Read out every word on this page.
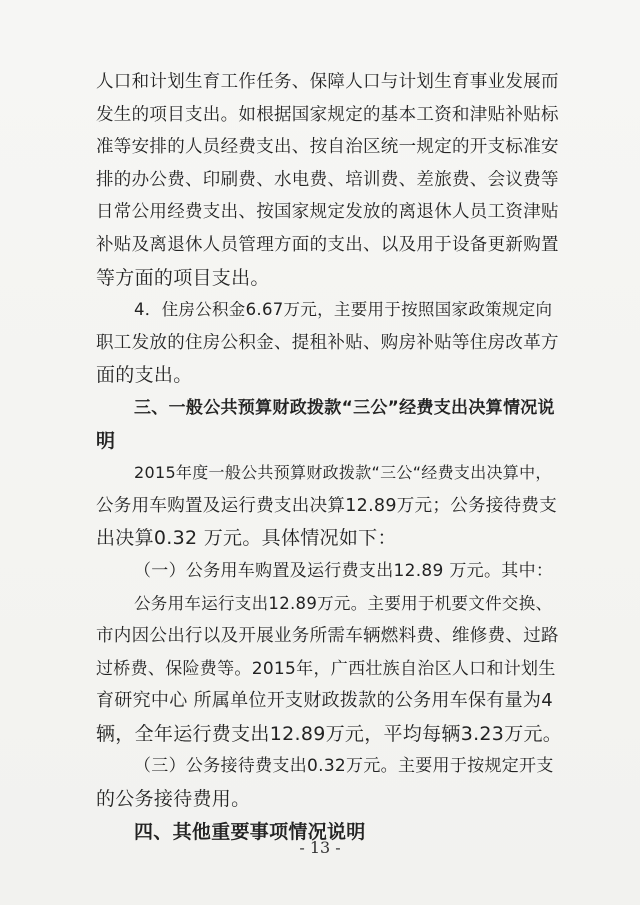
人口和计划生育工作任务、保障人口与计划生育事业发展而
发生的项目支出。如根据国家规定的基本工资和津贴补贴标
准等安排的人员经费支出、按自治区统一规定的开支标准安
排的办公费、印刷费、水电费、培训费、差旅费、会议费等
日常公用经费支出、按国家规定发放的离退休人员工资津贴
补贴及离退休人员管理方面的支出、以及用于设备更新购置
等方面的项目支出。
4．住房公积金6.67万元，主要用于按照国家政策规定向
职工发放的住房公积金、提租补贴、购房补贴等住房改革方
面的支出。
三、一般公共预算财政拨款“三公”经费支出决算情况说
明
2015年度一般公共预算财政拨款“三公“经费支出决算中，
公务用车购置及运行费支出决算12.89万元；公务接待费支
出决算0.32 万元。具体情况如下：
（一）公务用车购置及运行费支出12.89 万元。其中：
公务用车运行支出12.89万元。主要用于机要文件交换、
市内因公出行以及开展业务所需车辆燃料费、维修费、过路
过桥费、保险费等。2015年，广西壮族自治区人口和计划生
育研究中心 所属单位开支财政拨款的公务用车保有量为4
辆，全年运行费支出12.89万元，平均每辆3.23万元。
（三）公务接待费支出0.32万元。主要用于按规定开支
的公务接待费用。
四、其他重要事项情况说明
- 13 -
